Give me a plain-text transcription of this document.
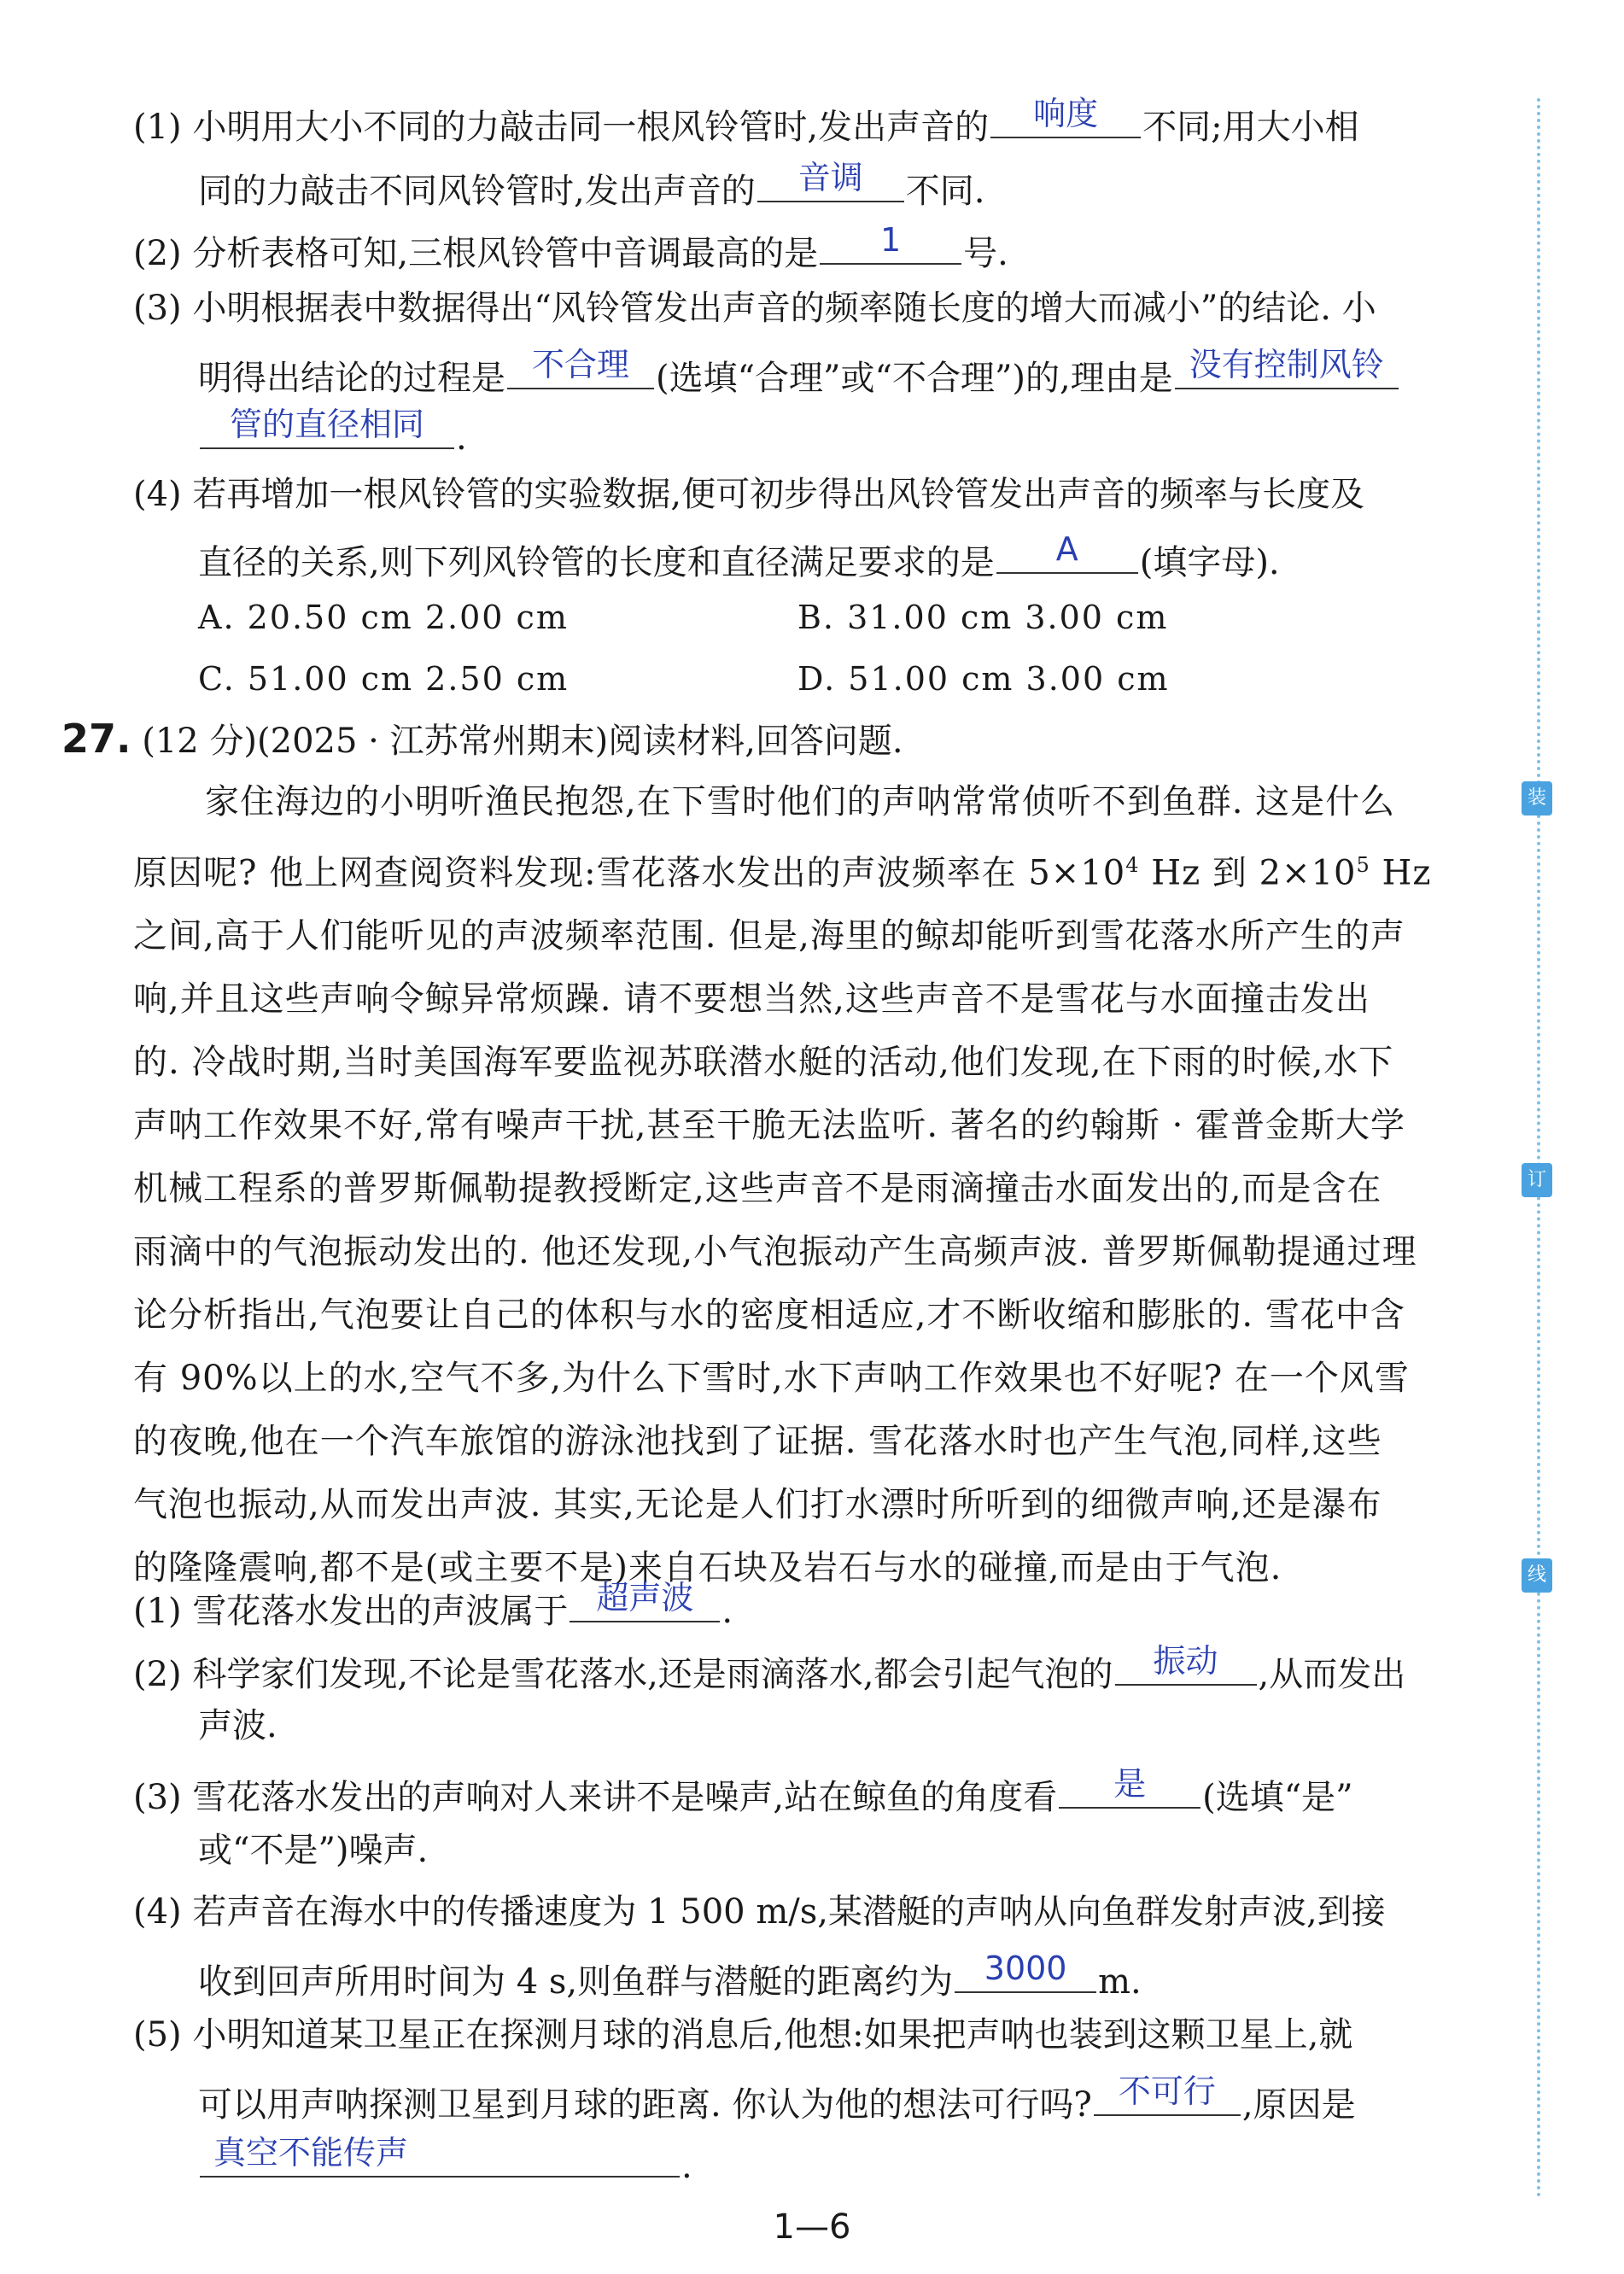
(1) 小明用大小不同的力敲击同一根风铃管时,发出声音的	响度	不同;用大小相
同的力敲击不同风铃管时,发出声音的	音调	不同.
(2) 分析表格可知,三根风铃管中音调最高的是	1	号.
(3) 小明根据表中数据得出“风铃管发出声音的频率随长度的增大而减小”的结论. 小
明得出结论的过程是 不合理 (选填“合理”或“不合理”)的,理由是 没有控制风铃
管的直径相同 .
(4) 若再增加一根风铃管的实验数据,便可初步得出风铃管发出声音的频率与长度及
直径的关系,则下列风铃管的长度和直径满足要求的是	A	(填字母).
A. 20.50 cm 2.00 cm	B. 31.00 cm 3.00 cm
C. 51.00 cm 2.50 cm	D. 51.00 cm 3.00 cm
27. (12 分)(2025 · 江苏常州期末)阅读材料,回答问题.
家住海边的小明听渔民抱怨,在下雪时他们的声呐常常侦听不到鱼群. 这是什么
原因呢? 他上网查阅资料发现:雪花落水发出的声波频率在 $5\times 10^4$ Hz 到 $2\times 10^5$ Hz
之间,高于人们能听见的声波频率范围. 但是,海里的鲸却能听到雪花落水所产生的声
响,并且这些声响令鲸异常烦躁. 请不要想当然,这些声音不是雪花与水面撞击发出
的. 冷战时期,当时美国海军要监视苏联潜水艇的活动,他们发现,在下雨的时候,水下
声呐工作效果不好,常有噪声干扰,甚至干脆无法监听. 著名的约翰斯 · 霍普金斯大学
机械工程系的普罗斯佩勒提教授断定,这些声音不是雨滴撞击水面发出的,而是含在
雨滴中的气泡振动发出的. 他还发现,小气泡振动产生高频声波. 普罗斯佩勒提通过理
论分析指出,气泡要让自己的体积与水的密度相适应,才不断收缩和膨胀的. 雪花中含
有 90%以上的水,空气不多,为什么下雪时,水下声呐工作效果也不好呢? 在一个风雪
的夜晚,他在一个汽车旅馆的游泳池找到了证据. 雪花落水时也产生气泡,同样,这些
气泡也振动,从而发出声波. 其实,无论是人们打水漂时所听到的细微声响,还是瀑布
的隆隆震响,都不是(或主要不是)来自石块及岩石与水的碰撞,而是由于气泡.
(1) 雪花落水发出的声波属于 超声波 .
(2) 科学家们发现,不论是雪花落水,还是雨滴落水,都会引起气泡的	振动	,从而发出
声波.
(3) 雪花落水发出的声响对人来讲不是噪声,站在鲸鱼的角度看	是	(选填“是”
或“不是”)噪声.
(4) 若声音在海水中的传播速度为 1 500 m/s,某潜艇的声呐从向鱼群发射声波,到接
收到回声所用时间为 4 s,则鱼群与潜艇的距离约为 3000 m.
(5) 小明知道某卫星正在探测月球的消息后,他想:如果把声呐也装到这颗卫星上,就
可以用声呐探测卫星到月球的距离. 你认为他的想法可行吗? 不可行 ,原因是
真空不能传声	.
装
订
线
1—6
